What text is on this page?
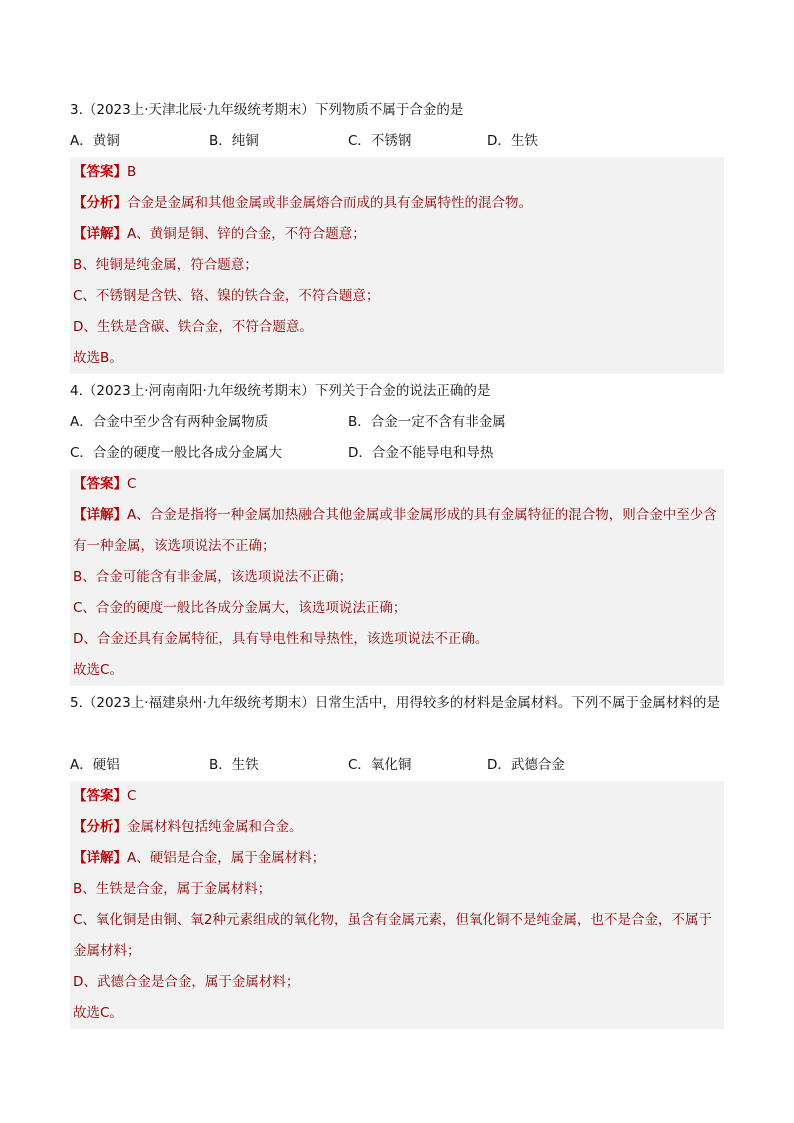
3.（2023上·天津北辰·九年级统考期末）下列物质不属于合金的是
A．黄铜	B．纯铜	C．不锈钢	D．生铁
【答案】B
【分析】合金是金属和其他金属或非金属熔合而成的具有金属特性的混合物。
【详解】A、黄铜是铜、锌的合金，不符合题意；
B、纯铜是纯金属，符合题意；
C、不锈钢是含铁、铬、镍的铁合金，不符合题意；
D、生铁是含碳、铁合金，不符合题意。
故选B。
4.（2023上·河南南阳·九年级统考期末）下列关于合金的说法正确的是
A．合金中至少含有两种金属物质	B．合金一定不含有非金属
C．合金的硬度一般比各成分金属大	D．合金不能导电和导热
【答案】C
【详解】A、合金是指将一种金属加热融合其他金属或非金属形成的具有金属特征的混合物，则合金中至少含有一种金属，该选项说法不正确；
B、合金可能含有非金属，该选项说法不正确；
C、合金的硬度一般比各成分金属大，该选项说法正确；
D、合金还具有金属特征，具有导电性和导热性，该选项说法不正确。
故选C。
5.（2023上·福建泉州·九年级统考期末）日常生活中，用得较多的材料是金属材料。下列不属于金属材料的是
A．硬铝	B．生铁	C．氧化铜	D．武德合金
【答案】C
【分析】金属材料包括纯金属和合金。
【详解】A、硬铝是合金，属于金属材料；
B、生铁是合金，属于金属材料；
C、氧化铜是由铜、氧2种元素组成的氧化物，虽含有金属元素，但氧化铜不是纯金属，也不是合金，不属于金属材料；
D、武德合金是合金，属于金属材料；
故选C。
